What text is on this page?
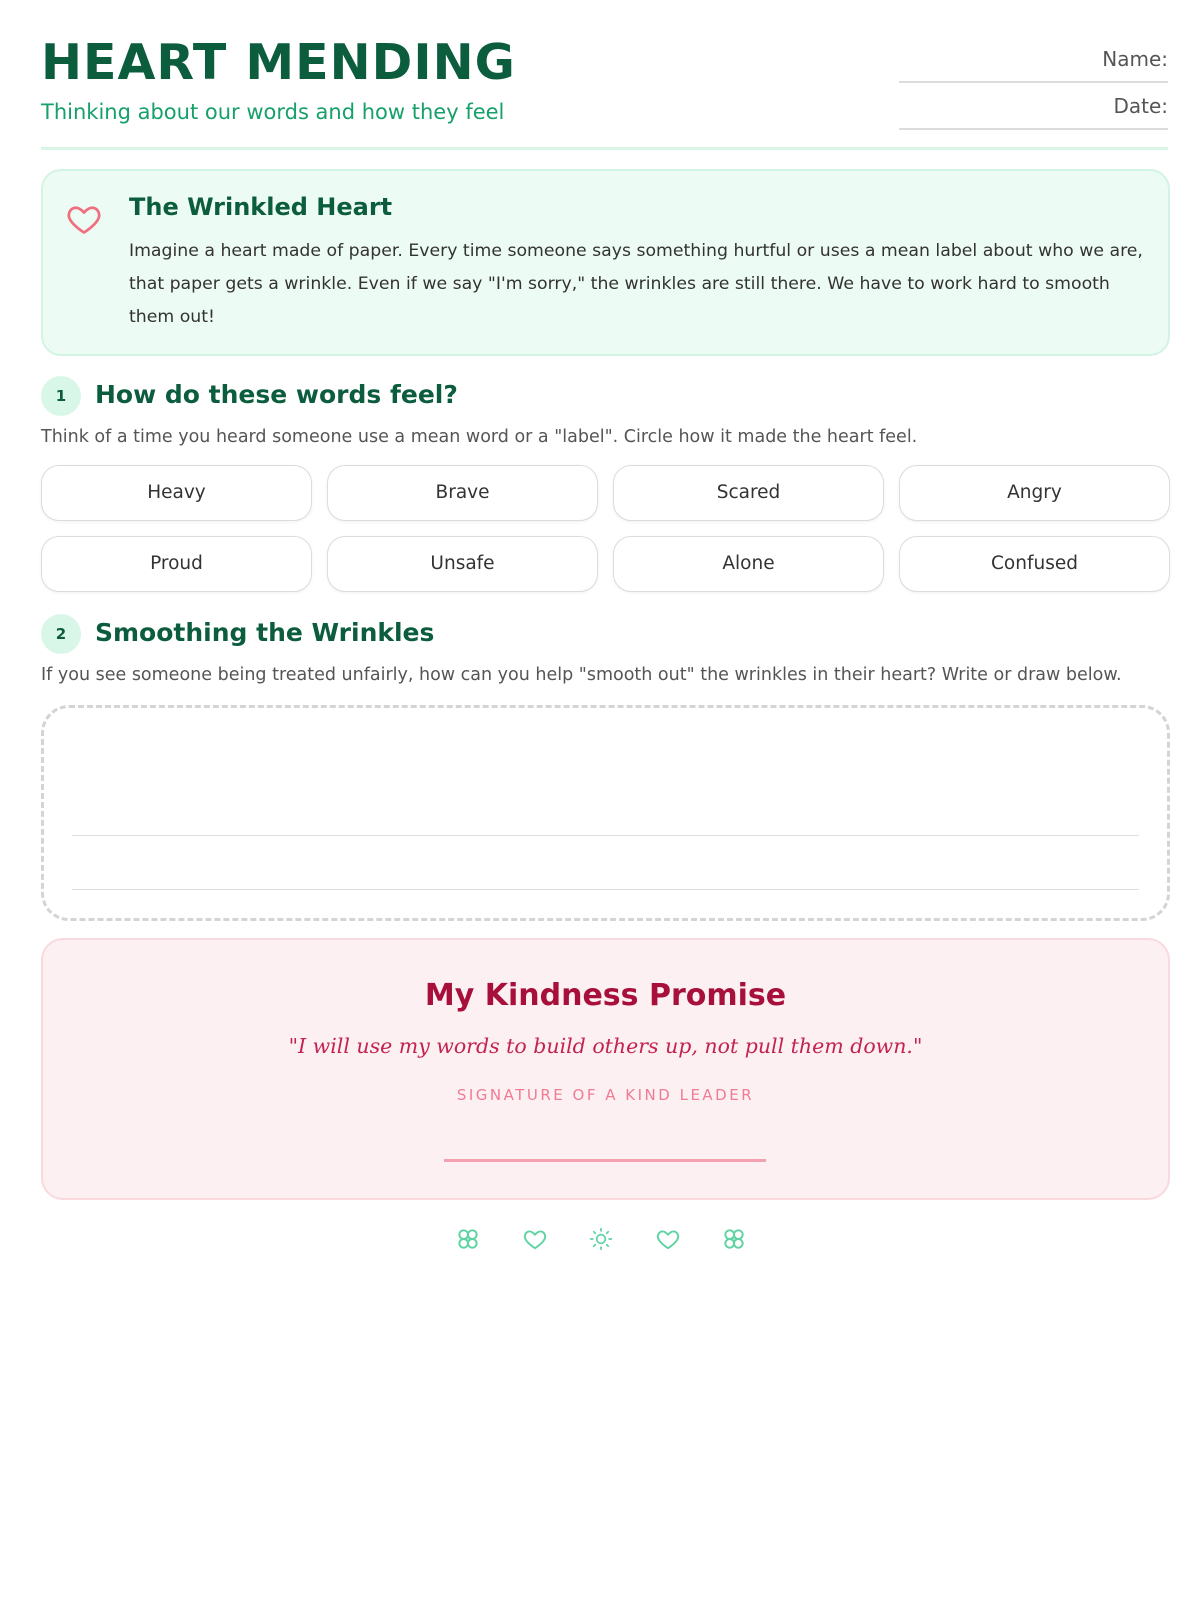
HEART MENDING
Thinking about our words and how they feel
Name:
Date:
The Wrinkled Heart
Imagine a heart made of paper. Every time someone says something hurtful or uses a mean label about who we are, that paper gets a wrinkle. Even if we say "I'm sorry," the wrinkles are still there. We have to work hard to smooth them out!
1	How do these words feel?
Think of a time you heard someone use a mean word or a "label". Circle how it made the heart feel.
Heavy	Brave	Scared	Angry
Proud	Unsafe	Alone	Confused
2	Smoothing the Wrinkles
If you see someone being treated unfairly, how can you help "smooth out" the wrinkles in their heart? Write or draw below.
My Kindness Promise
"I will use my words to build others up, not pull them down."
SIGNATURE OF A KIND LEADER
